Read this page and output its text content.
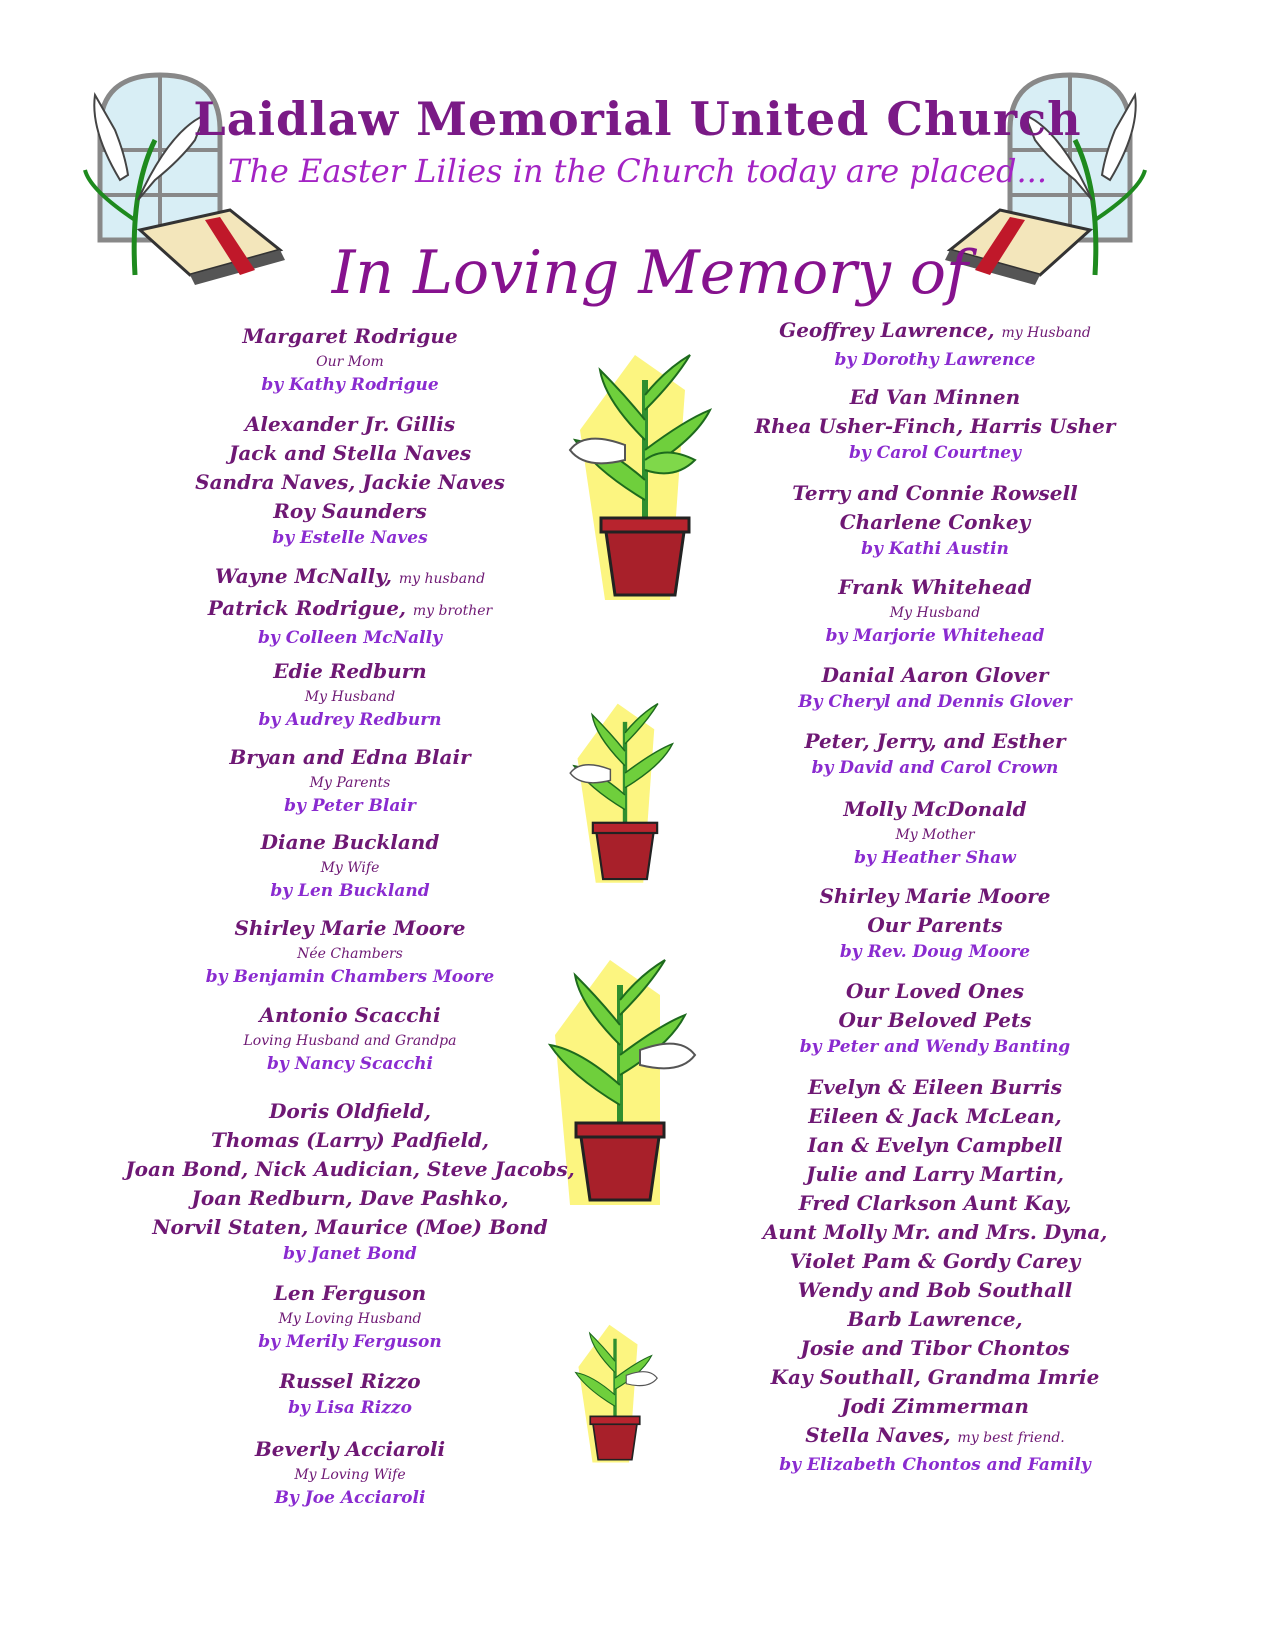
Laidlaw Memorial United Church
The Easter Lilies in the Church today are placed...
In Loving Memory of
Margaret Rodrigue
Our Mom
by Kathy Rodrigue
Alexander Jr. Gillis
Jack and Stella Naves
Sandra Naves, Jackie Naves
Roy Saunders
by Estelle Naves
Wayne McNally, my husband
Patrick Rodrigue, my brother
by Colleen McNally
Edie Redburn
My Husband
by Audrey Redburn
Bryan and Edna Blair
My Parents
by Peter Blair
Diane Buckland
My Wife
by Len Buckland
Shirley Marie Moore
Née Chambers
by Benjamin Chambers Moore
Antonio Scacchi
Loving Husband and Grandpa
by Nancy Scacchi
Doris Oldfield,
Thomas (Larry) Padfield,
Joan Bond, Nick Audician, Steve Jacobs,
Joan Redburn, Dave Pashko,
Norvil Staten, Maurice (Moe) Bond
by Janet Bond
Len Ferguson
My Loving Husband
by Merily Ferguson
Russel Rizzo
by Lisa Rizzo
Beverly Acciaroli
My Loving Wife
By Joe Acciaroli
Geoffrey Lawrence, my Husband
by Dorothy Lawrence
Ed Van Minnen
Rhea Usher-Finch, Harris Usher
by Carol Courtney
Terry and Connie Rowsell
Charlene Conkey
by Kathi Austin
Frank Whitehead
My Husband
by Marjorie Whitehead
Danial Aaron Glover
By Cheryl and Dennis Glover
Peter, Jerry, and Esther
by David and Carol Crown
Molly McDonald
My Mother
by Heather Shaw
Shirley Marie Moore
Our Parents
by Rev. Doug Moore
Our Loved Ones
Our Beloved Pets
by Peter and Wendy Banting
Evelyn & Eileen Burris
Eileen & Jack McLean,
Ian & Evelyn Campbell
Julie and Larry Martin,
Fred Clarkson Aunt Kay,
Aunt Molly Mr. and Mrs. Dyna,
Violet Pam & Gordy Carey
Wendy and Bob Southall
Barb Lawrence,
Josie and Tibor Chontos
Kay Southall, Grandma Imrie
Jodi Zimmerman
Stella Naves, my best friend.
by Elizabeth Chontos and Family
